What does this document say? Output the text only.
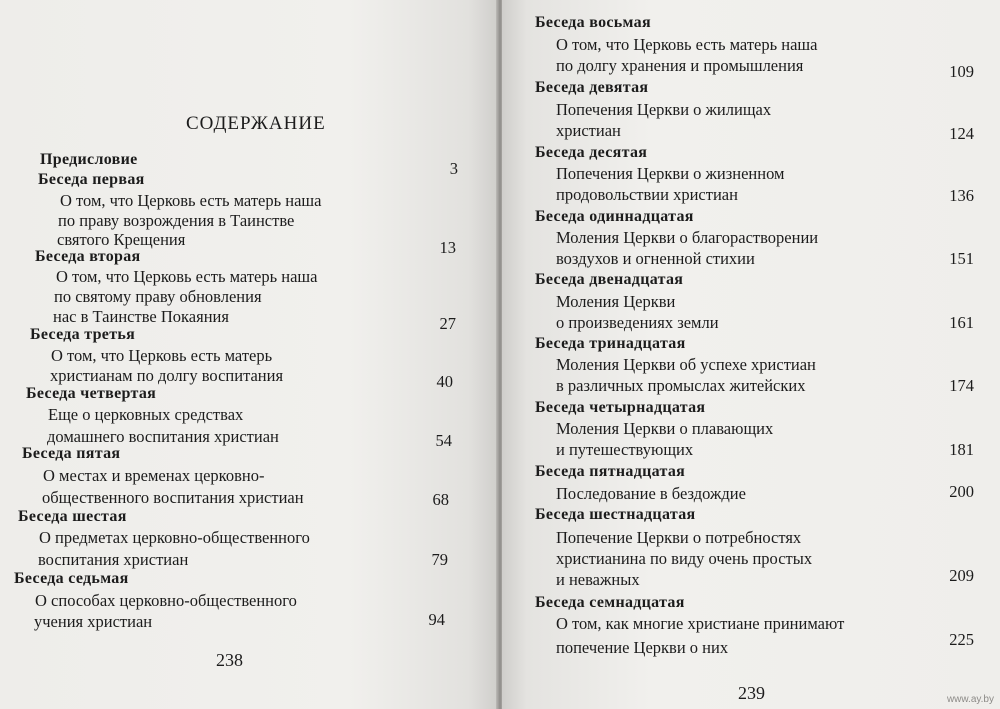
СОДЕРЖАНИЕ
Предисловие
Беседа первая
О том, что Церковь есть матерь наша
по праву возрождения в Таинстве
святого Крещения
Беседа вторая
О том, что Церковь есть матерь наша
по святому праву обновления
нас в Таинстве Покаяния
Беседа третья
О том, что Церковь есть матерь
христианам по долгу воспитания
Беседа четвертая
Еще о церковных средствах
домашнего воспитания христиан
Беседа пятая
О местах и временах церковно-
общественного воспитания христиан
Беседа шестая
О предметах церковно-общественного
воспитания христиан
Беседа седьмая
О способах церковно-общественного
учения христиан
3
13
27
40
54
68
79
94
238
Беседа восьмая
О том, что Церковь есть матерь наша
по долгу хранения и промышления
Беседа девятая
Попечения Церкви о жилищах
христиан
Беседа десятая
Попечения Церкви о жизненном
продовольствии христиан
Беседа одиннадцатая
Моления Церкви о благорастворении
воздухов и огненной стихии
Беседа двенадцатая
Моления Церкви
о произведениях земли
Беседа тринадцатая
Моления Церкви об успехе христиан
в различных промыслах житейских
Беседа четырнадцатая
Моления Церкви о плавающих
и путешествующих
Беседа пятнадцатая
Последование в бездождие
Беседа шестнадцатая
Попечение Церкви о потребностях
христианина по виду очень простых
и неважных
Беседа семнадцатая
О том, как многие христиане принимают
попечение Церкви о них
109
124
136
151
161
174
181
200
209
225
239	www.ay.by
